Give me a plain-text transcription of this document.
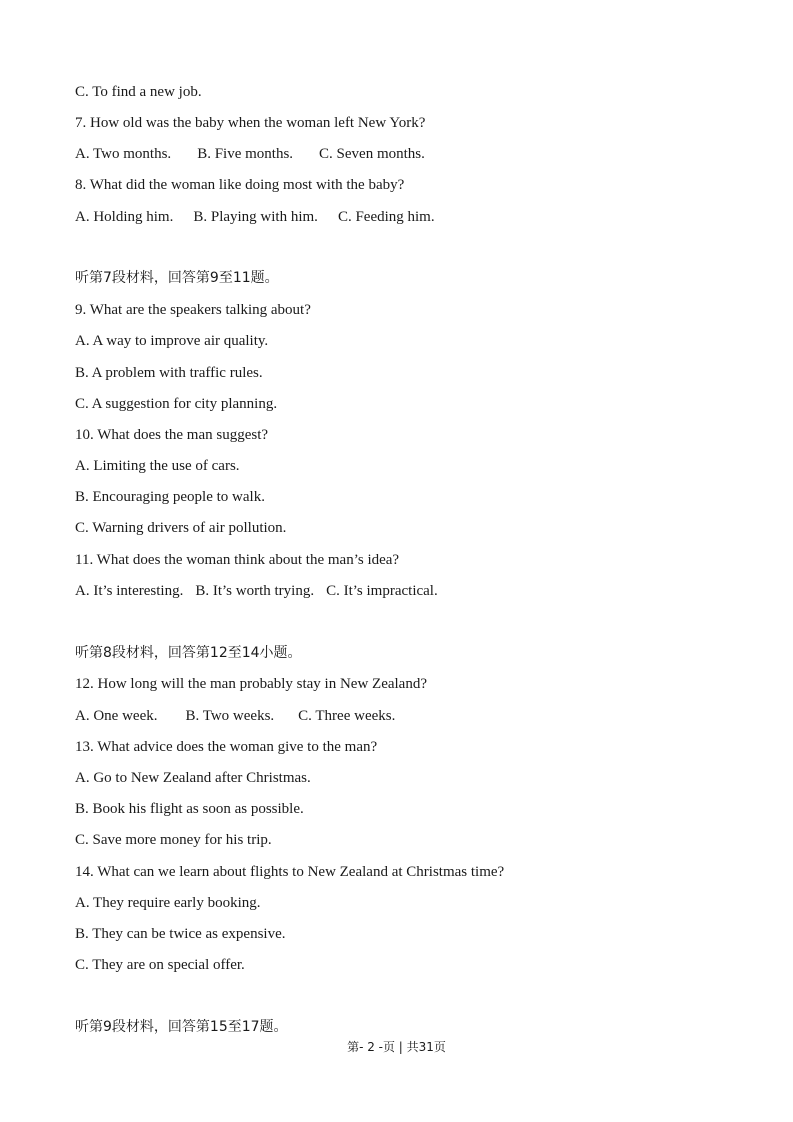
C. To find a new job.
7. How old was the baby when the woman left New York?
A. Two months. B. Five months. C. Seven months.
8. What did the woman like doing most with the baby?
A. Holding him. B. Playing with him. C. Feeding him.
听第7段材料，回答第9至11题。
9. What are the speakers talking about?
A. A way to improve air quality.
B. A problem with traffic rules.
C. A suggestion for city planning.
10. What does the man suggest?
A. Limiting the use of cars.
B. Encouraging people to walk.
C. Warning drivers of air pollution.
11. What does the woman think about the man’s idea?
A. It’s interesting. B. It’s worth trying. C. It’s impractical.
听第8段材料，回答第12至14小题。
12. How long will the man probably stay in New Zealand?
A. One week. B. Two weeks. C. Three weeks.
13. What advice does the woman give to the man?
A. Go to New Zealand after Christmas.
B. Book his flight as soon as possible.
C. Save more money for his trip.
14. What can we learn about flights to New Zealand at Christmas time?
A. They require early booking.
B. They can be twice as expensive.
C. They are on special offer.
听第9段材料，回答第15至17题。
第- 2 -页 | 共31页
